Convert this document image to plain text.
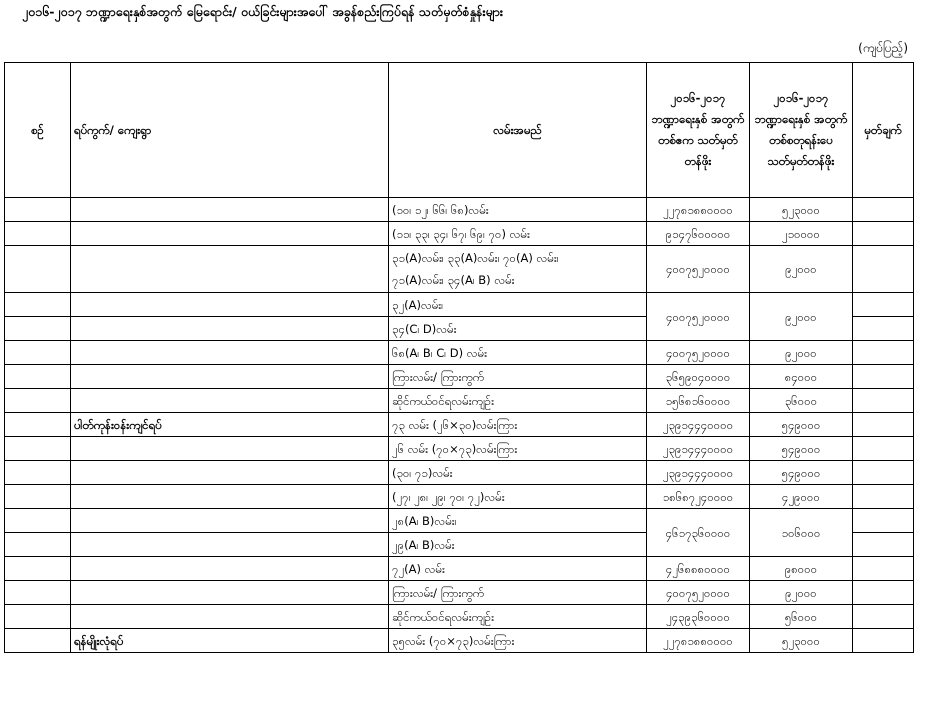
၂၀၁၆-၂၀၁၇ ဘဏ္ဍာရေးနှစ်အတွက် မြေရောင်း/ ဝယ်ခြင်းများအပေါ် အခွန်စည်းကြပ်ရန် သတ်မှတ်စံနှုန်းများ
(ကျပ်ပြည့်)
စဉ်	ရပ်ကွက်/ ကျေးရွာ	လမ်းအမည်	၂၀၁၆-၂၀၁၇ ဘဏ္ဍာရေးနှစ် အတွက် တစ်ဧက သတ်မှတ်တန်ဖိုး	၂၀၁၆-၂၀၁၇ ဘဏ္ဍာရေးနှစ် အတွက် တစ်စတုရန်းပေ သတ်မှတ်တန်ဖိုး	မှတ်ချက်

		(၁၀၊ ၁၂၊ ၆၆၊ ၆၈)လမ်း	၂၂၇၈၁၈၈၀၀၀၀	၅၂၃၀၀၀	

		(၁၁၊ ၃၃၊ ၃၄၊ ၆၇၊ ၆၉၊ ၇၀) လမ်း	၉၁၄၇၆၀၀၀၀၀	၂၁၀၀၀၀	

		၃၁(A)လမ်း၊ ၃၃(A)လမ်း၊ ၇၀(A) လမ်း၊
၇၁(A)လမ်း၊ ၃၄(A၊ B) လမ်း	၄၀၀၇၅၂၀၀၀၀	၉၂၀၀၀	

		၃၂(A)လမ်း၊	၄၀၀၇၅၂၀၀၀၀	၉၂၀၀၀	

		၃၄(C၊ D)လမ်း			

		၆၈(A၊ B၊ C၊ D) လမ်း	၄၀၀၇၅၂၀၀၀၀	၉၂၀၀၀	

		ကြားလမ်း/ ကြားကွက်	၃၆၅၉၀၄၀၀၀၀	၈၄၀၀၀	

		ဆိုင်ကယ်ဝင်ရလမ်းကျဉ်း	၁၅၆၈၁၆၀၀၀၀	၃၆၀၀၀	
	ပါတ်ကုန်းဝန်းကျင်ရပ်	၇၃ လမ်း (၂၆×၃၀)လမ်းကြား	၂၃၉၁၄၄၄၀၀၀၀	၅၄၉၀၀၀	

		၂၆ လမ်း (၇၀×၇၃)လမ်းကြား	၂၃၉၁၄၄၄၀၀၀၀	၅၄၉၀၀၀	

		(၃၀၊ ၇၁)လမ်း	၂၃၉၁၄၄၄၀၀၀၀	၅၄၉၀၀၀	

		(၂၇၊ ၂၈၊ ၂၉၊ ၇၀၊ ၇၂)လမ်း	၁၈၆၈၇၂၄၀၀၀၀	၄၂၉၀၀၀	

		၂၈(A၊ B)လမ်း၊	၄၆၁၇၃၆၀၀၀၀	၁၀၆၀၀၀	

		၂၉(A၊ B)လမ်း			

		၇၂(A) လမ်း	၄၂၆၈၈၈၀၀၀၀	၉၈၀၀၀	

		ကြားလမ်း/ ကြားကွက်	၄၀၀၇၅၂၀၀၀၀	၉၂၀၀၀	

		ဆိုင်ကယ်ဝင်ရလမ်းကျဉ်း	၂၄၃၉၃၆၀၀၀၀	၅၆၀၀၀	
	ရန်မျိုးလုံရပ်	၃၅လမ်း (၇၀×၇၃)လမ်းကြား	၂၂၇၈၁၈၈၀၀၀၀	၅၂၃၀၀၀	
